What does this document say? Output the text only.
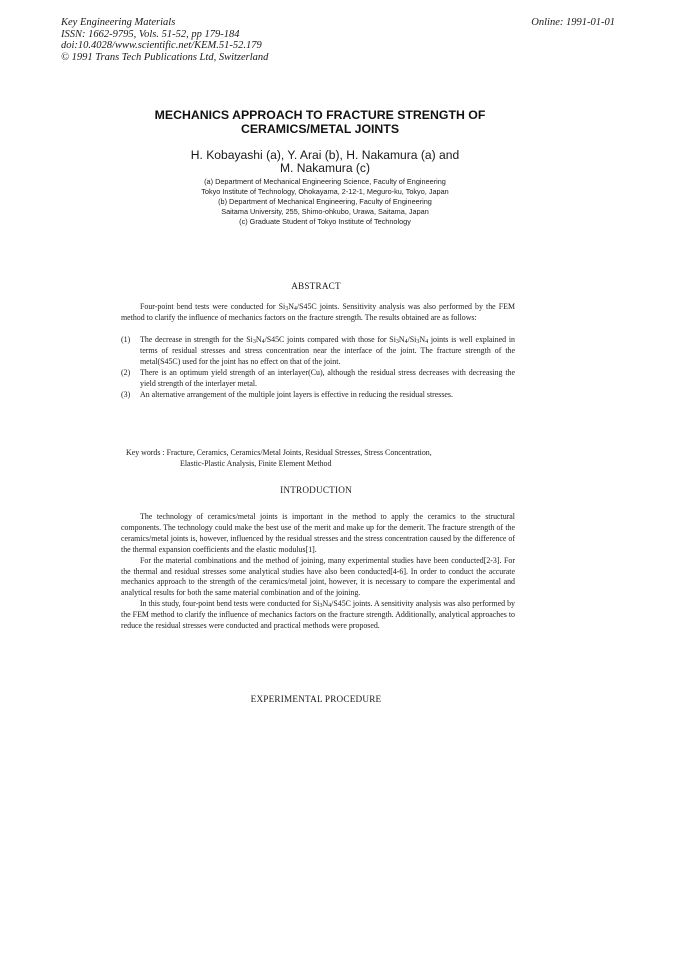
Key Engineering Materials
ISSN: 1662-9795, Vols. 51-52, pp 179-184
doi:10.4028/www.scientific.net/KEM.51-52.179
© 1991 Trans Tech Publications Ltd, Switzerland
Online: 1991-01-01
MECHANICS APPROACH TO FRACTURE STRENGTH OF
CERAMICS/METAL JOINTS
H. Kobayashi (a), Y. Arai (b), H. Nakamura (a) and
M. Nakamura (c)
(a) Department of Mechanical Engineering Science, Faculty of Engineering
Tokyo Institute of Technology, Ohokayama, 2-12-1, Meguro-ku, Tokyo, Japan
(b) Department of Mechanical Engineering, Faculty of Engineering
Saitama University, 255, Shimo-ohkubo, Urawa, Saitama, Japan
(c) Graduate Student of Tokyo Institute of Technology
ABSTRACT

Four-point bend tests were conducted for $Si_3N_4/S45C$ joints. Sensitivity analysis was also performed by the FEM method to clarify the influence of mechanics factors on the fracture strength. The results obtained are as follows:

(1) The decrease in strength for the $Si_3N_4/S45C$ joints compared with those for $Si_3N_4/Si_3N_4$ joints is well explained in terms of residual stresses and stress concentration near the interface of the joint. The fracture strength of the metal(S45C) used for the joint has no effect on that of the joint.
(2) There is an optimum yield strength of an interlayer(Cu), although the residual stress decreases with decreasing the yield strength of the interlayer metal.
(3) An alternative arrangement of the multiple joint layers is effective in reducing the residual stresses.
Key words : Fracture, Ceramics, Ceramics/Metal Joints, Residual Stresses, Stress Concentration,
Elastic-Plastic Analysis, Finite Element Method
INTRODUCTION

The technology of ceramics/metal joints is important in the method to apply the ceramics to the structural components. The technology could make the best use of the merit and make up for the demerit. The fracture strength of the ceramics/metal joints is, however, influenced by the residual stresses and the stress concentration caused by the difference of the thermal expansion coefficients and the elastic modulus[1].

For the material combinations and the method of joining, many experimental studies have been conducted[2-3]. For the thermal and residual stresses some analytical studies have also been conducted[4-6]. In order to conduct the accurate mechanics approach to the strength of the ceramics/metal joint, however, it is necessary to compare the experimental and analytical results for both the same material combination and of the joining.

In this study, four-point bend tests were conducted for $Si_3N_4/S45C$ joints. A sensitivity analysis was also performed by the FEM method to clarify the influence of mechanics factors on the fracture strength. Additionally, analytical approaches to reduce the residual stresses were conducted and practical methods were proposed.

EXPERIMENTAL PROCEDURE
